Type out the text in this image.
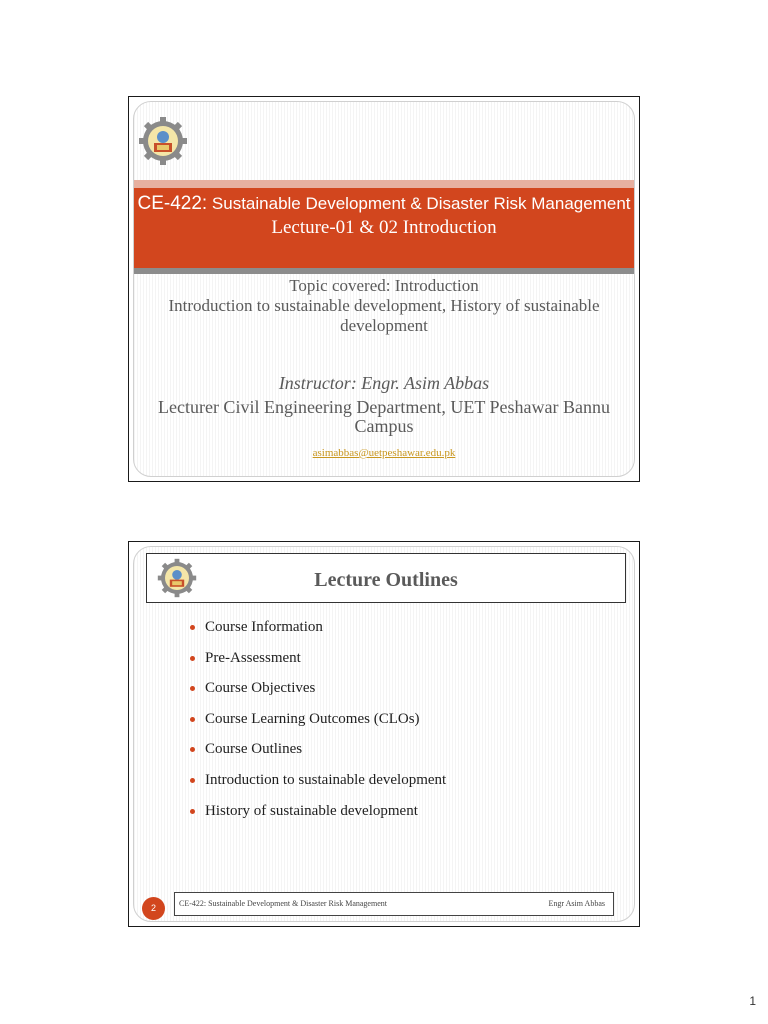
CE-422: Sustainable Development & Disaster Risk Management
Lecture-01 & 02 Introduction
Topic covered: Introduction
Introduction to sustainable development, History of sustainable development
Instructor: Engr. Asim Abbas
Lecturer Civil Engineering Department, UET Peshawar Bannu Campus
asimabbas@uetpeshawar.edu.pk
Lecture Outlines
Course Information
Pre-Assessment
Course Objectives
Course Learning Outcomes (CLOs)
Course Outlines
Introduction to sustainable development
History of sustainable development
2	CE-422: Sustainable Development & Disaster Risk Management	Engr Asim Abbas
1
